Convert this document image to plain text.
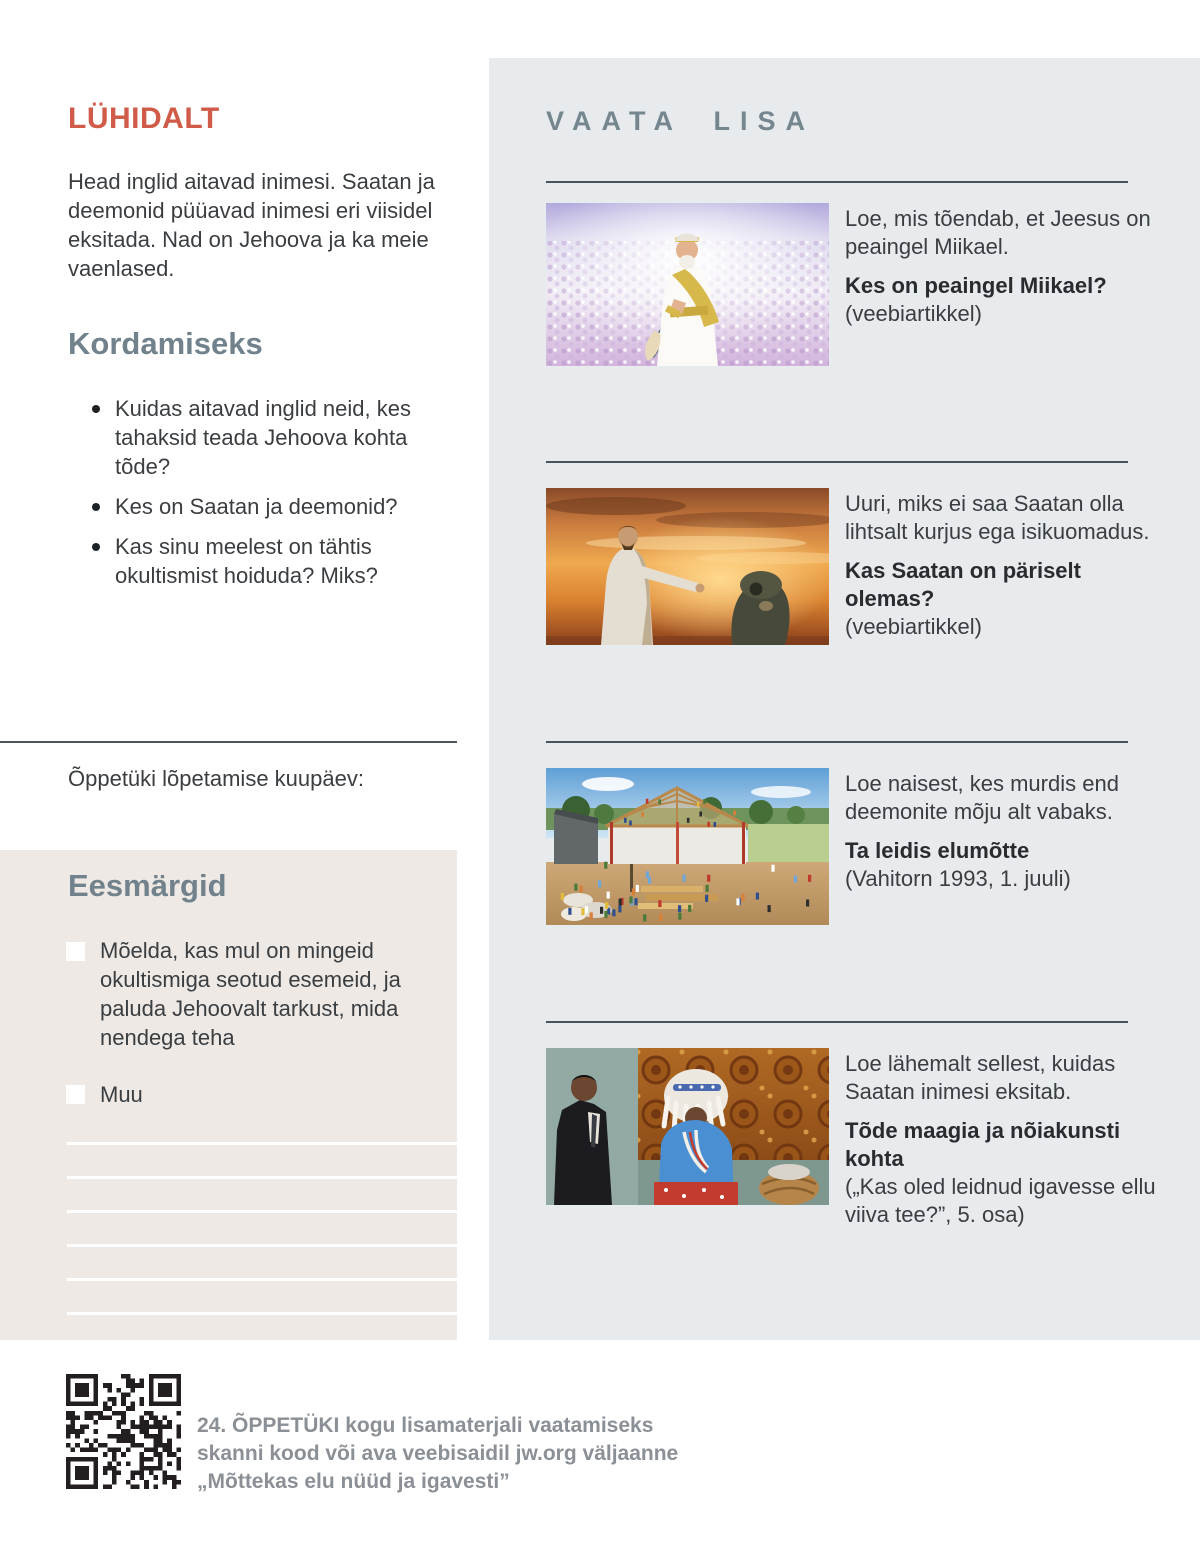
LÜHIDALT
Head inglid aitavad inimesi. Saatan ja deemonid püüavad inimesi eri viisidel eksitada. Nad on Jehoova ja ka meie vaenlased.
Kordamiseks
Kuidas aitavad inglid neid, kes tahaksid teada Jehoova kohta tõde?
Kes on Saatan ja deemonid?
Kas sinu meelest on tähtis okultismist hoiduda? Miks?
Õppetüki lõpetamise kuupäev:
Eesmärgid
Mõelda, kas mul on mingeid okultismiga seotud esemeid, ja paluda Jehoovalt tarkust, mida nendega teha
Muu
VAATA LISA
Loe, mis tõendab, et Jeesus on peaingel Miikael.
Kes on peaingel Miikael?
(veebiartikkel)
Uuri, miks ei saa Saatan olla lihtsalt kurjus ega isikuomadus.
Kas Saatan on päriselt olemas?
(veebiartikkel)
Loe naisest, kes murdis end deemonite mõju alt vabaks.
Ta leidis elumõtte
(Vahitorn 1993, 1. juuli)
Loe lähemalt sellest, kuidas Saatan inimesi eksitab.
Tõde maagia ja nõiakunsti kohta
(„Kas oled leidnud igavesse ellu viiva tee?”, 5. osa)
24. ÕPPETÜKI kogu lisamaterjali vaatamiseks
skanni kood või ava veebisaidil jw.org väljaanne
„Mõttekas elu nüüd ja igavesti”
